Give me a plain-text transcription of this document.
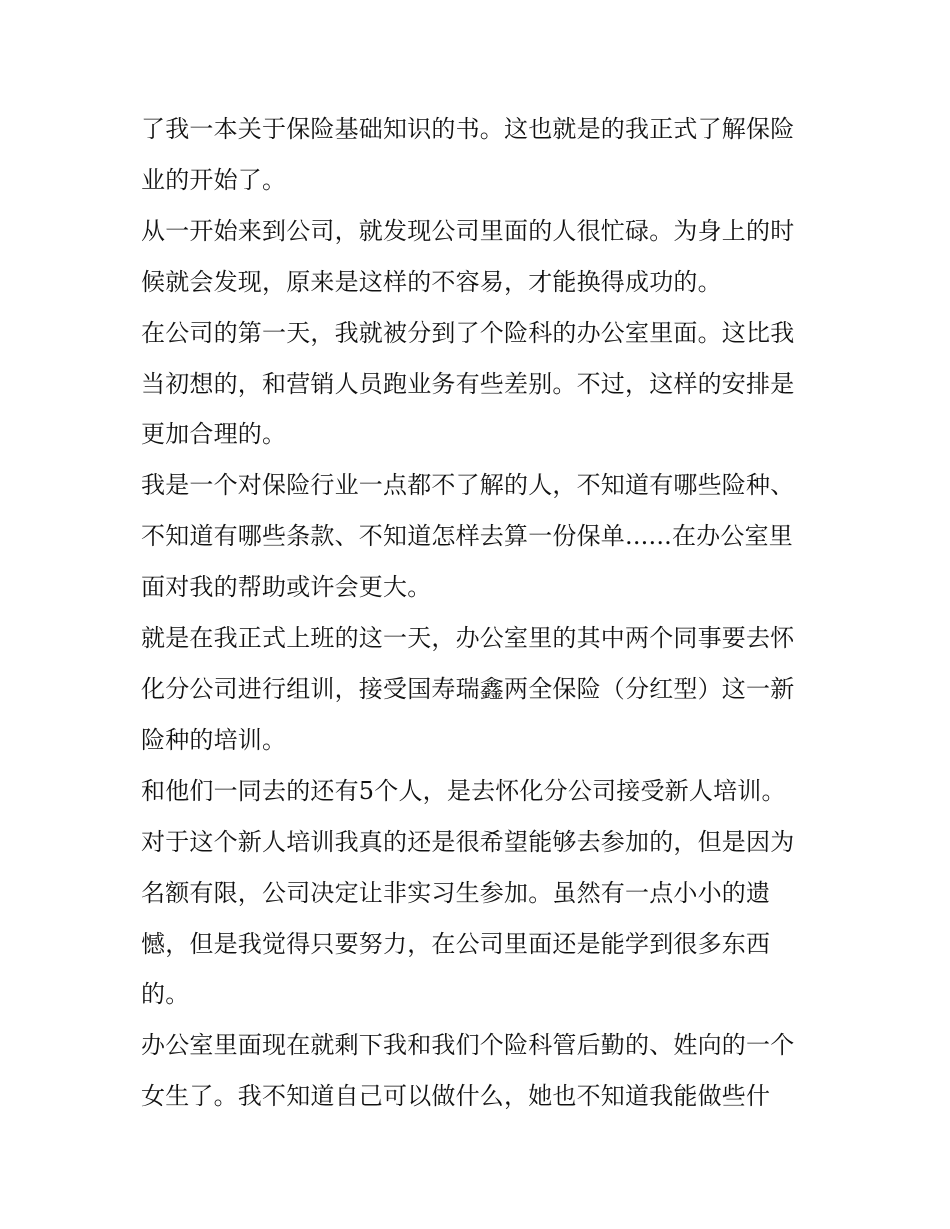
了我一本关于保险基础知识的书。这也就是的我正式了解保险业的开始了。

从一开始来到公司，就发现公司里面的人很忙碌。为身上的时候就会发现，原来是这样的不容易，才能换得成功的。

在公司的第一天，我就被分到了个险科的办公室里面。这比我当初想的，和营销人员跑业务有些差别。不过，这样的安排是更加合理的。

我是一个对保险行业一点都不了解的人，不知道有哪些险种、不知道有哪些条款、不知道怎样去算一份保单......在办公室里面对我的帮助或许会更大。

就是在我正式上班的这一天，办公室里的其中两个同事要去怀化分公司进行组训，接受国寿瑞鑫两全保险（分红型）这一新险种的培训。

和他们一同去的还有5个人，是去怀化分公司接受新人培训。

对于这个新人培训我真的还是很希望能够去参加的，但是因为名额有限，公司决定让非实习生参加。虽然有一点小小的遗憾，但是我觉得只要努力，在公司里面还是能学到很多东西的。

办公室里面现在就剩下我和我们个险科管后勤的、姓向的一个女生了。我不知道自己可以做什么，她也不知道我能做些什
